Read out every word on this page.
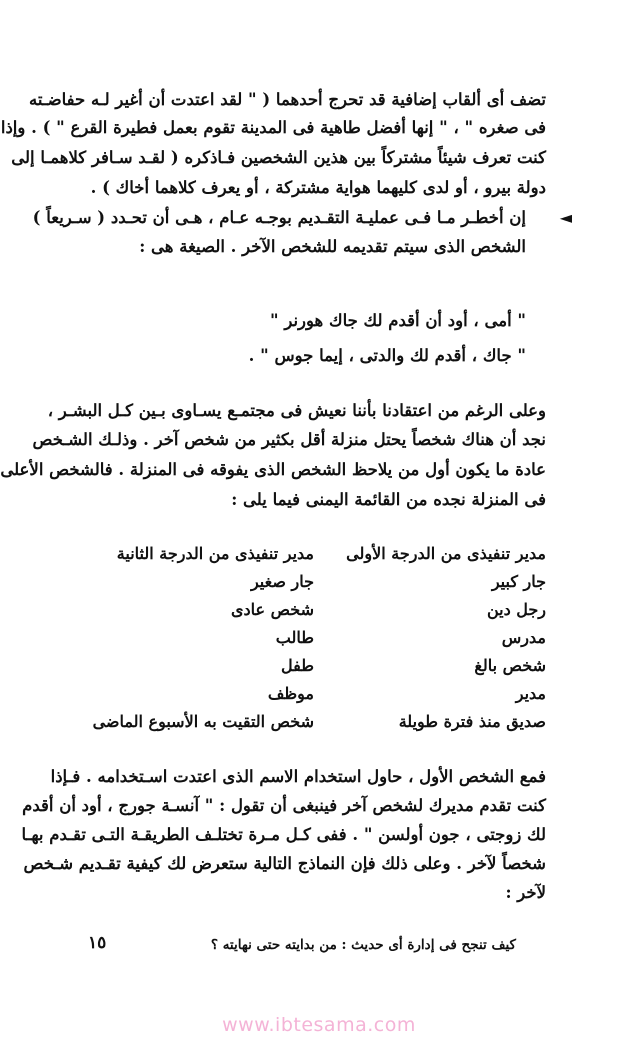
تضف أى ألقاب إضافية قد تحرج أحدهما ( " لقد اعتدت أن أغير لـه حفاضـته
فى صغره " ، " إنها أفضل طاهية فى المدينة تقوم بعمل فطيرة القرع " ) . وإذا
كنت تعرف شيئاً مشتركاً بين هذين الشخصين فـاذكره ( لقـد سـافر كلاهمـا إلى
دولة بيرو ، أو لدى كليهما هواية مشتركة ، أو يعرف كلاهما أخاك ) .
◄
إن أخطـر مـا فـى عمليـة التقـديم بوجـه عـام ، هـى أن تحـدد ( سـريعاً )
الشخص الذى سيتم تقديمه للشخص الآخر . الصيغة هى :
" أمى ، أود أن أقدم لك جاك هورنر "
" جاك ، أقدم لك والدتى ، إيما جوس " .
وعلى الرغم من اعتقادنا بأننا نعيش فى مجتمـع يسـاوى بـين كـل البشـر ،
نجد أن هناك شخصاً يحتل منزلة أقل بكثير من شخص آخر . وذلـك الشـخص
عادة ما يكون أول من يلاحظ الشخص الذى يفوقه فى المنزلة . فالشخص الأعلى
فى المنزلة نجده من القائمة اليمنى فيما يلى :
مدير تنفيذى من الدرجة الأولى
جار كبير
رجل دين
مدرس
شخص بالغ
مدير
صديق منذ فترة طويلة
مدير تنفيذى من الدرجة الثانية
جار صغير
شخص عادى
طالب
طفل
موظف
شخص التقيت به الأسبوع الماضى
فمع الشخص الأول ، حاول استخدام الاسم الذى اعتدت اسـتخدامه . فـإذا
كنت تقدم مديرك لشخص آخر فينبغى أن تقول : " آنسـة جورج ، أود أن أقدم
لك زوجتى ، جون أولسن " . ففى كـل مـرة تختلـف الطريقـة التـى تقـدم بهـا
شخصاً لآخر . وعلى ذلك فإن النماذج التالية ستعرض لك كيفية تقـديم شـخص
لآخر :
كيف تنجح فى إدارة أى حديث : من بدايته حتى نهايته ؟
١٥
www.ibtesama.com
